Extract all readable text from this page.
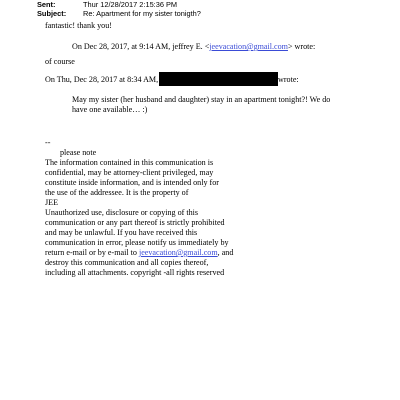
Sent:	Thur 12/28/2017 2:15:36 PM
Subject: Re: Apartment for my sister tonigth?
fantastic! thank you!
On Dec 28, 2017, at 9:14 AM, jeffrey E. <jeevacation@gmail.com> wrote:
of course
On Thu, Dec 28, 2017 at 8:34 AM,	wrote:
May my sister (her husband and daughter) stay in an apartment tonight?! We do
have one available… :)
--
please note
The information contained in this communication is
confidential, may be attorney-client privileged, may
constitute inside information, and is intended only for
the use of the addressee. It is the property of
JEE
Unauthorized use, disclosure or copying of this
communication or any part thereof is strictly prohibited
and may be unlawful. If you have received this
communication in error, please notify us immediately by
return e-mail or by e-mail to jeevacation@gmail.com, and
destroy this communication and all copies thereof,
including all attachments. copyright -all rights reserved
